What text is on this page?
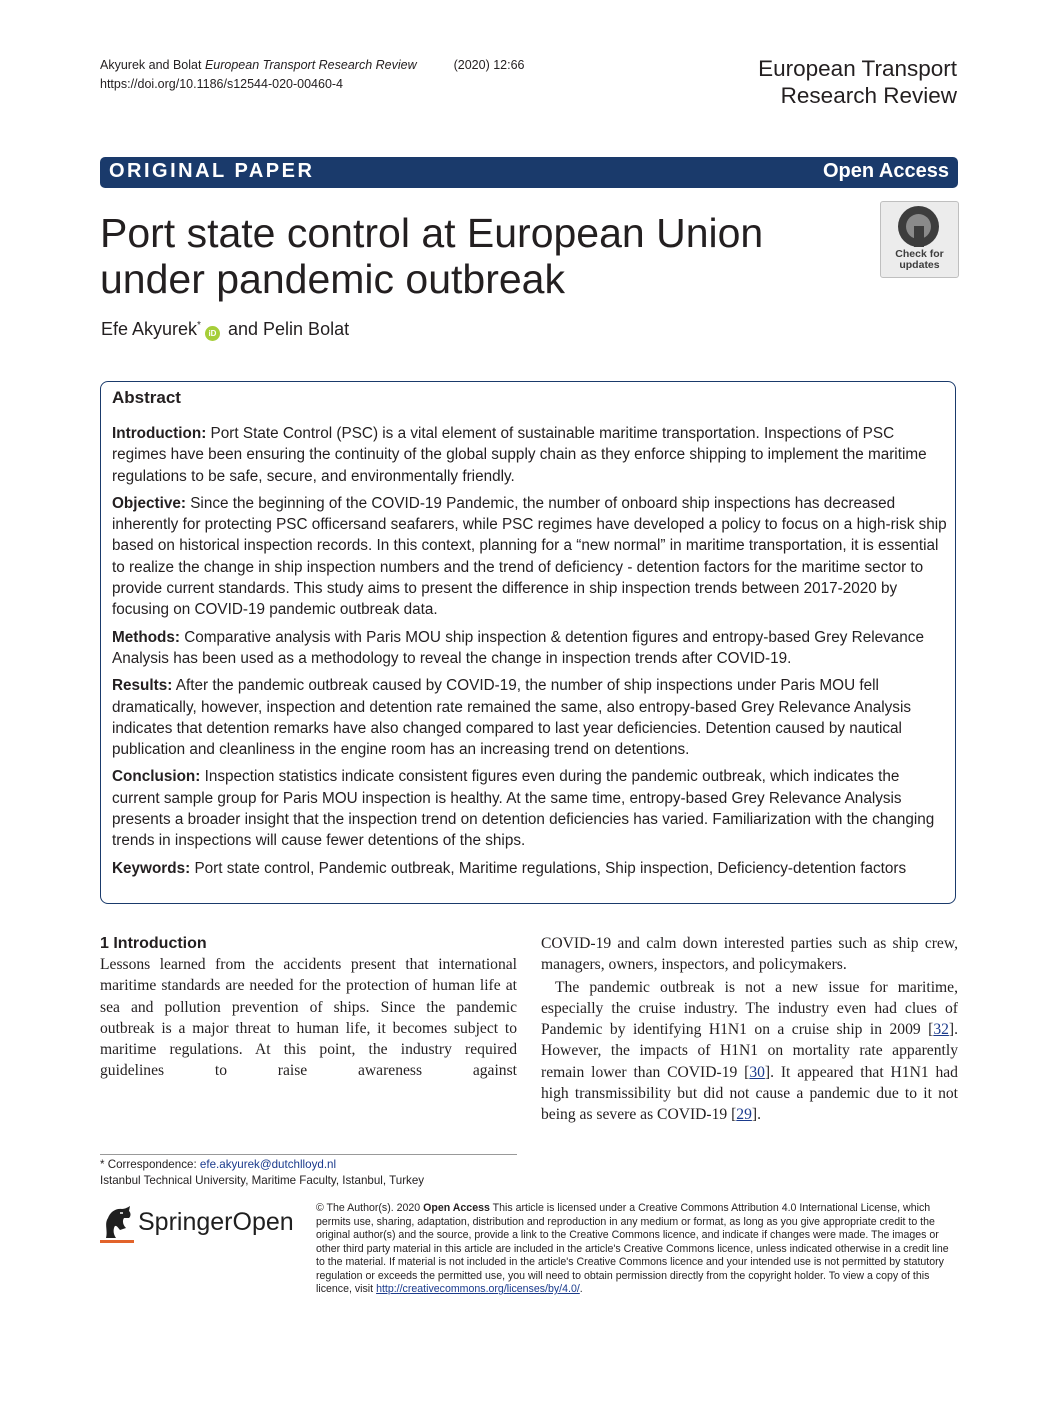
Akyurek and Bolat European Transport Research Review	(2020) 12:66
https://doi.org/10.1186/s12544-020-00460-4
European Transport
Research Review
ORIGINAL PAPER	Open Access
Port state control at European Union under pandemic outbreak
Check for
updates
Efe Akyurek*iD and Pelin Bolat
Abstract

Introduction: Port State Control (PSC) is a vital element of sustainable maritime transportation. Inspections of PSC regimes have been ensuring the continuity of the global supply chain as they enforce shipping to implement the maritime regulations to be safe, secure, and environmentally friendly.

Objective: Since the beginning of the COVID-19 Pandemic, the number of onboard ship inspections has decreased inherently for protecting PSC officersand seafarers, while PSC regimes have developed a policy to focus on a high-risk ship based on historical inspection records. In this context, planning for a “new normal” in maritime transportation, it is essential to realize the change in ship inspection numbers and the trend of deficiency - detention factors for the maritime sector to provide current standards. This study aims to present the difference in ship inspection trends between 2017-2020 by focusing on COVID-19 pandemic outbreak data.

Methods: Comparative analysis with Paris MOU ship inspection & detention figures and entropy-based Grey Relevance Analysis has been used as a methodology to reveal the change in inspection trends after COVID-19.

Results: After the pandemic outbreak caused by COVID-19, the number of ship inspections under Paris MOU fell dramatically, however, inspection and detention rate remained the same, also entropy-based Grey Relevance Analysis indicates that detention remarks have also changed compared to last year deficiencies. Detention caused by nautical publication and cleanliness in the engine room has an increasing trend on detentions.

Conclusion: Inspection statistics indicate consistent figures even during the pandemic outbreak, which indicates the current sample group for Paris MOU inspection is healthy. At the same time, entropy-based Grey Relevance Analysis presents a broader insight that the inspection trend on detention deficiencies has varied. Familiarization with the changing trends in inspections will cause fewer detentions of the ships.

Keywords: Port state control, Pandemic outbreak, Maritime regulations, Ship inspection, Deficiency-detention factors

1 Introduction
Lessons learned from the accidents present that international maritime standards are needed for the protection of human life at sea and pollution prevention of ships. Since the pandemic outbreak is a major threat to human life, it becomes subject to maritime regulations. At this point, the industry required guidelines to raise awareness against

COVID-19 and calm down interested parties such as ship crew, managers, owners, inspectors, and policymakers.

The pandemic outbreak is not a new issue for maritime, especially the cruise industry. The industry even had clues of Pandemic by identifying H1N1 on a cruise ship in 2009 [32]. However, the impacts of H1N1 on mortality rate apparently remain lower than COVID-19 [30]. It appeared that H1N1 had high transmissibility but did not cause a pandemic due to it not being as severe as COVID-19 [29].

* Correspondence: efe.akyurek@dutchlloyd.nl
Istanbul Technical University, Maritime Faculty, Istanbul, Turkey
SpringerOpen © The Author(s). 2020 Open Access This article is licensed under a Creative Commons Attribution 4.0 International License, which permits use, sharing, adaptation, distribution and reproduction in any medium or format, as long as you give appropriate credit to the original author(s) and the source, provide a link to the Creative Commons licence, and indicate if changes were made. The images or other third party material in this article are included in the article's Creative Commons licence, unless indicated otherwise in a credit line to the material. If material is not included in the article's Creative Commons licence and your intended use is not permitted by statutory regulation or exceeds the permitted use, you will need to obtain permission directly from the copyright holder. To view a copy of this licence, visit http://creativecommons.org/licenses/by/4.0/.
